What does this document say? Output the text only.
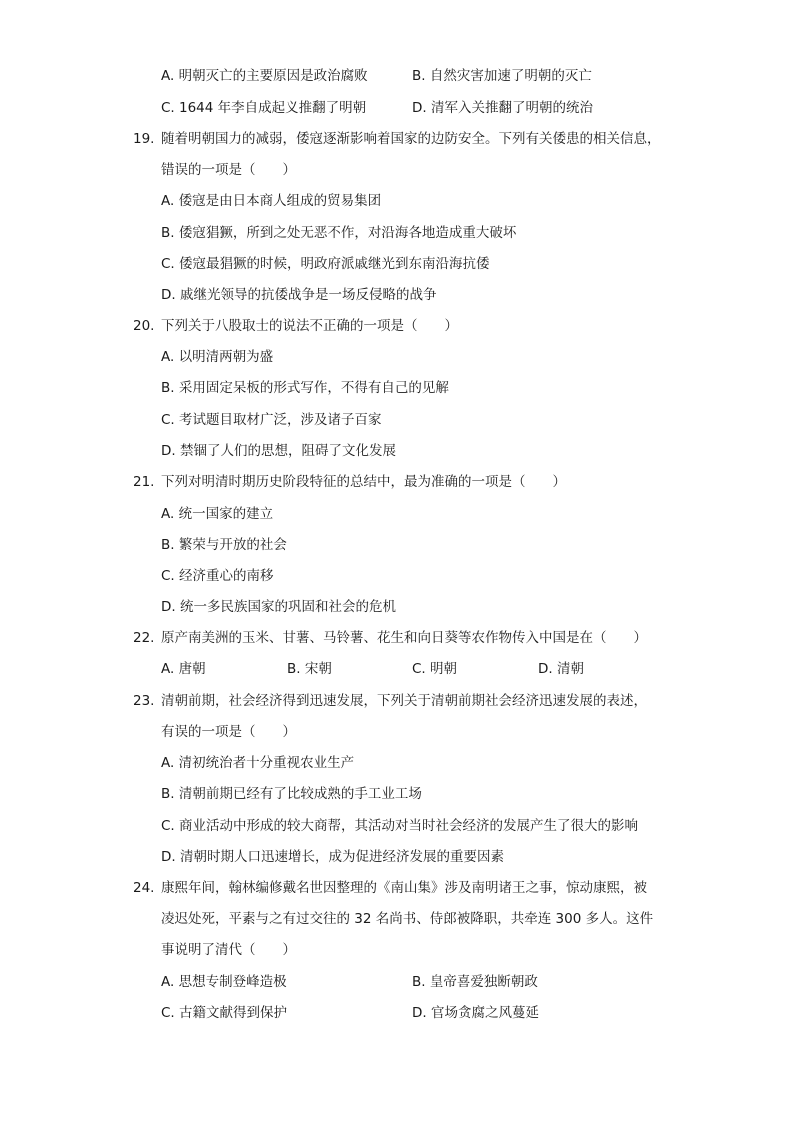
A. 明朝灭亡的主要原因是政治腐败	B. 自然灾害加速了明朝的灭亡
C. 1644 年李自成起义推翻了明朝	D. 清军入关推翻了明朝的统治
19. 随着明朝国力的减弱，倭寇逐渐影响着国家的边防安全。下列有关倭患的相关信息，
错误的一项是（　　）
A. 倭寇是由日本商人组成的贸易集团
B. 倭寇猖獗，所到之处无恶不作，对沿海各地造成重大破坏
C. 倭寇最猖獗的时候，明政府派戚继光到东南沿海抗倭
D. 戚继光领导的抗倭战争是一场反侵略的战争
20. 下列关于八股取士的说法不正确的一项是（　　）
A. 以明清两朝为盛
B. 采用固定呆板的形式写作，不得有自己的见解
C. 考试题目取材广泛，涉及诸子百家
D. 禁锢了人们的思想，阻碍了文化发展
21. 下列对明清时期历史阶段特征的总结中，最为准确的一项是（　　）
A. 统一国家的建立
B. 繁荣与开放的社会
C. 经济重心的南移
D. 统一多民族国家的巩固和社会的危机
22. 原产南美洲的玉米、甘薯、马铃薯、花生和向日葵等农作物传入中国是在（　　）
A. 唐朝	B. 宋朝	C. 明朝	D. 清朝
23. 清朝前期，社会经济得到迅速发展，下列关于清朝前期社会经济迅速发展的表述，
有误的一项是（　　）
A. 清初统治者十分重视农业生产
B. 清朝前期已经有了比较成熟的手工业工场
C. 商业活动中形成的较大商帮，其活动对当时社会经济的发展产生了很大的影响
D. 清朝时期人口迅速增长，成为促进经济发展的重要因素
24. 康熙年间，翰林编修戴名世因整理的《南山集》涉及南明诸王之事，惊动康熙，被
凌迟处死，平素与之有过交往的 32 名尚书、侍郎被降职，共牵连 300 多人。这件
事说明了清代（　　）
A. 思想专制登峰造极	B. 皇帝喜爱独断朝政
C. 古籍文献得到保护	D. 官场贪腐之风蔓延
